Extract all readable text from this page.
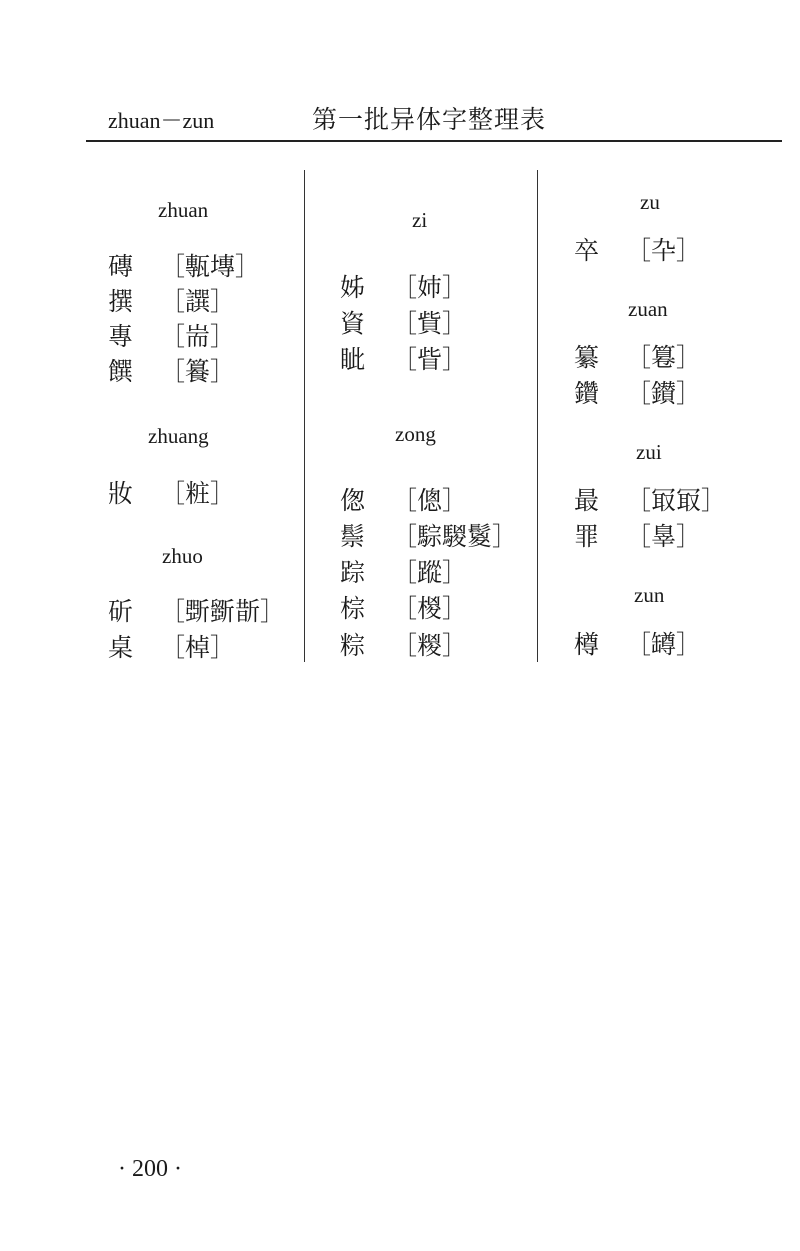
zhuan－zun	第一批异体字整理表
zhuan
磚 ［甎塼］
撰 ［譔］
專 ［耑］
饌 ［籑］
zhuang
妝 ［粧］
zhuo
斫 ［斲斵斮］
桌 ［棹］
zi
姊 ［姉］
資 ［貲］
眦 ［眥］
zong
偬 ［傯］
鬃 ［騌騣鬉］
踪 ［蹤］
棕 ［椶］
粽 ［糉］
zu
卒 ［卆］
zuan
纂 ［篹］
鑽 ［鑚］
zui
最 ［冣冣］
罪 ［辠］
zun
樽 ［罇］
· 200 ·
